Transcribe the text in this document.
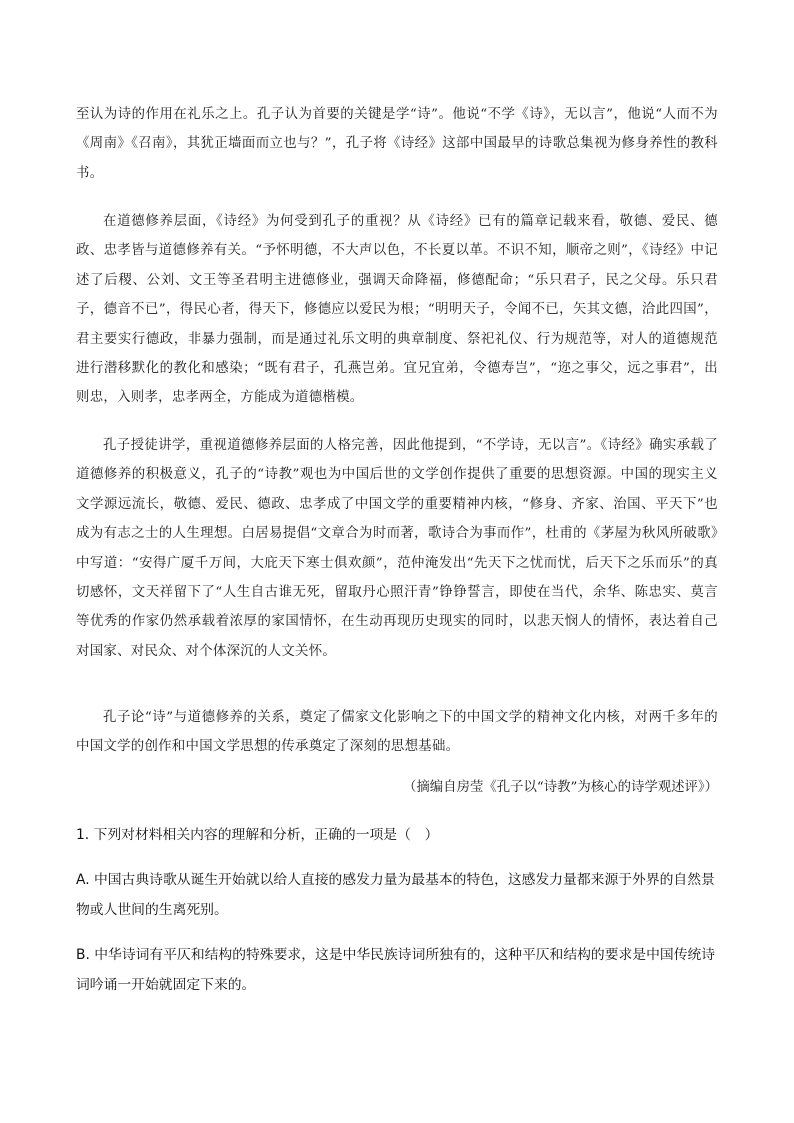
至认为诗的作用在礼乐之上。孔子认为首要的关键是学“诗”。他说“不学《诗》，无以言”，他说“人而不为《周南》《召南》，其犹正墙面而立也与？”，孔子将《诗经》这部中国最早的诗歌总集视为修身养性的教科书。

在道德修养层面，《诗经》为何受到孔子的重视？从《诗经》已有的篇章记载来看，敬德、爱民、德政、忠孝皆与道德修养有关。“予怀明德，不大声以色，不长夏以革。不识不知，顺帝之则”，《诗经》中记述了后稷、公刘、文王等圣君明主进德修业，强调天命降福，修德配命；“乐只君子，民之父母。乐只君子，德音不已”，得民心者，得天下，修德应以爱民为根；“明明天子，令闻不已，矢其文德，洽此四国”，君主要实行德政，非暴力强制，而是通过礼乐文明的典章制度、祭祀礼仪、行为规范等，对人的道德规范进行潜移默化的教化和感染；“既有君子，孔燕岂弟。宜兄宜弟，令德寿岂”，“迩之事父，远之事君”，出则忠，入则孝，忠孝两全，方能成为道德楷模。

孔子授徒讲学，重视道德修养层面的人格完善，因此他提到，“不学诗，无以言”。《诗经》确实承载了道德修养的积极意义，孔子的“诗教”观也为中国后世的文学创作提供了重要的思想资源。中国的现实主义文学源远流长，敬德、爱民、德政、忠孝成了中国文学的重要精神内核，“修身、齐家、治国、平天下”也成为有志之士的人生理想。白居易提倡“文章合为时而著，歌诗合为事而作”，杜甫的《茅屋为秋风所破歌》中写道：“安得广厦千万间，大庇天下寒士俱欢颜”，范仲淹发出“先天下之忧而忧，后天下之乐而乐”的真切感怀，文天祥留下了“人生自古谁无死，留取丹心照汗青”铮铮誓言，即使在当代，余华、陈忠实、莫言等优秀的作家仍然承载着浓厚的家国情怀，在生动再现历史现实的同时，以悲天悯人的情怀，表达着自己对国家、对民众、对个体深沉的人文关怀。

孔子论“诗”与道德修养的关系，奠定了儒家文化影响之下的中国文学的精神文化内核，对两千多年的中国文学的创作和中国文学思想的传承奠定了深刻的思想基础。

（摘编自房莹《孔子以“诗教”为核心的诗学观述评》）

1. 下列对材料相关内容的理解和分析，正确的一项是（　）

A. 中国古典诗歌从诞生开始就以给人直接的感发力量为最基本的特色，这感发力量都来源于外界的自然景物或人世间的生离死别。

B. 中华诗词有平仄和结构的特殊要求，这是中华民族诗词所独有的，这种平仄和结构的要求是中国传统诗词吟诵一开始就固定下来的。
